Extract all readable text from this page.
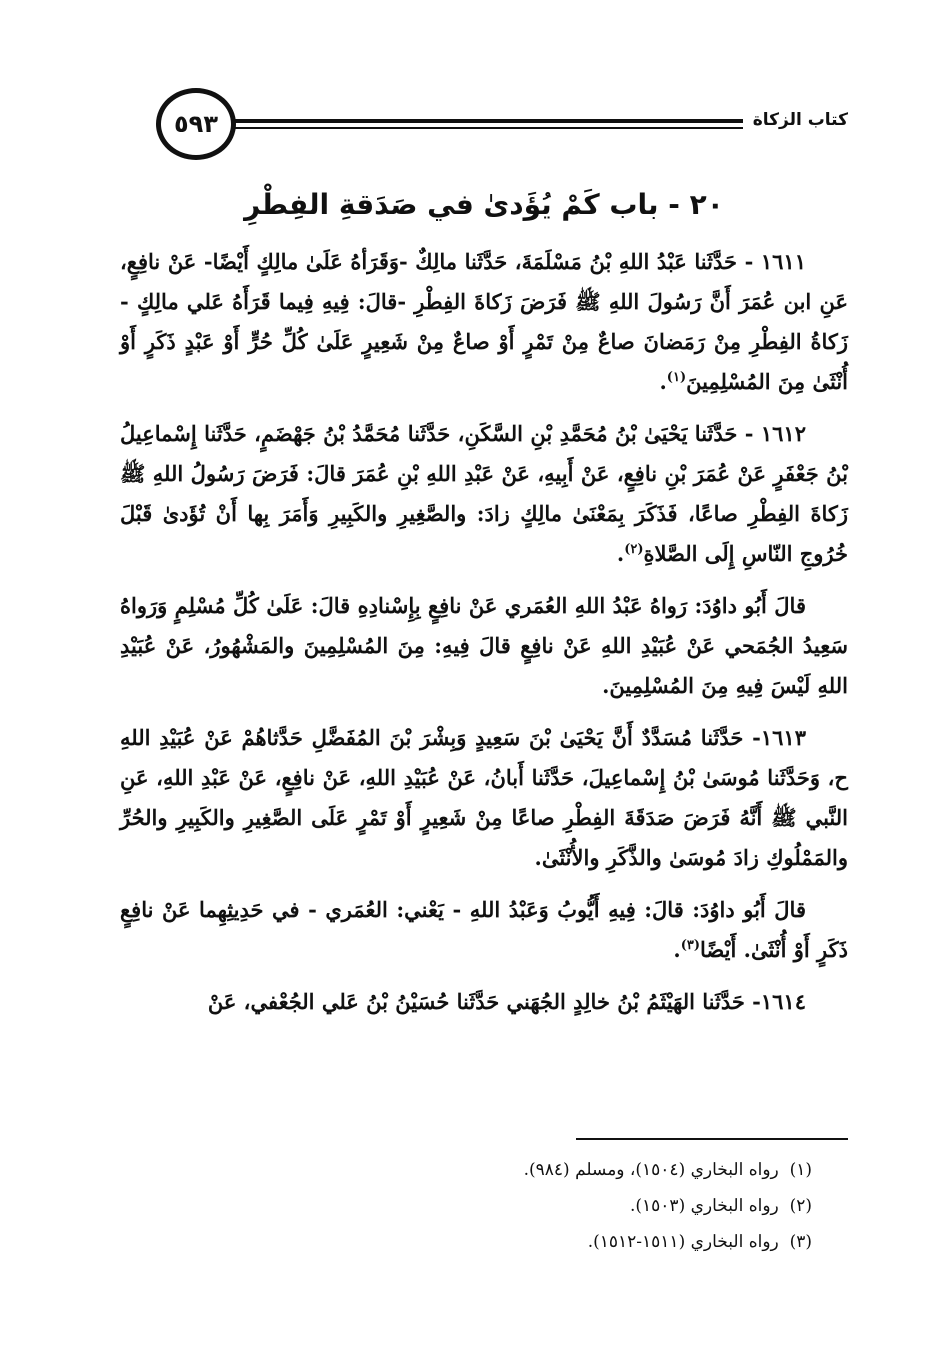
كتاب الزكاة
٥٩٣
٢٠ - باب كَمْ يُؤَدىٰ في صَدَقةِ الفِطْرِ

١٦١١ - حَدَّثَنا عَبْدُ اللهِ بْنُ مَسْلَمَةَ، حَدَّثَنا مالِكٌ -وَقَرَأهُ عَلَىٰ مالِكٍ أَيْضًا- عَنْ نافِعٍ، عَنِ ابن عُمَرَ أَنَّ رَسُولَ اللهِ ﷺ فَرَضَ زَكاةَ الفِطْرِ -قالَ: فِيهِ فِيما قَرَأَهُ عَلي مالِكٍ - زَكاةُ الفِطْرِ مِنْ رَمَضانَ صاعٌ مِنْ تَمْرٍ أَوْ صاعٌ مِنْ شَعِيرٍ عَلَىٰ كُلِّ حُرٍّ أَوْ عَبْدٍ ذَكَرٍ أَوْ أُنْثَىٰ مِنَ المُسْلِمِينَ$^{(١)}$.

١٦١٢ - حَدَّثَنا يَحْيَىٰ بْنُ مُحَمَّدِ بْنِ السَّكَنِ، حَدَّثَنا مُحَمَّدُ بْنُ جَهْضَمٍ، حَدَّثَنا إِسْماعِيلُ بْنُ جَعْفَرٍ عَنْ عُمَرَ بْنِ نافِعٍ، عَنْ أَبِيهِ، عَنْ عَبْدِ اللهِ بْنِ عُمَرَ قالَ: فَرَضَ رَسُولُ اللهِ ﷺ زَكاةَ الفِطْرِ صاعًا، فَذَكَرَ بِمَعْنَىٰ مالِكٍ زادَ: والصَّغِيرِ والكَبِيرِ وَأَمَرَ بِها أَنْ تُؤَدىٰ قَبْلَ خُرُوجِ النّاسِ إِلَى الصَّلاةِ$^{(٢)}$.

قالَ أَبُو داوُدَ: رَواهُ عَبْدُ اللهِ العُمَري عَنْ نافِعٍ بِإِسْنادِهِ قالَ: عَلَىٰ كُلِّ مُسْلِمٍ وَرَواهُ سَعِيدُ الجُمَحي عَنْ عُبَيْدِ اللهِ عَنْ نافِعٍ قالَ فِيهِ: مِنَ المُسْلِمِينَ والمَشْهُورُ، عَنْ عُبَيْدِ اللهِ لَيْسَ فِيهِ مِنَ المُسْلِمِينَ.

١٦١٣- حَدَّثَنا مُسَدَّدٌ أَنَّ يَحْيَىٰ بْنَ سَعِيدٍ وَبِشْرَ بْنَ المُفَضَّلِ حَدَّثاهُمْ عَنْ عُبَيْدِ اللهِ ح، وَحَدَّثَنا مُوسَىٰ بْنُ إِسْماعِيلَ، حَدَّثَنا أَبانُ، عَنْ عُبَيْدِ اللهِ، عَنْ نافِعٍ، عَنْ عَبْدِ اللهِ، عَنِ النَّبي ﷺ أَنَّهُ فَرَضَ صَدَقَةَ الفِطْرِ صاعًا مِنْ شَعِيرٍ أَوْ تَمْرٍ عَلَى الصَّغِيرِ والكَبِيرِ والحُرِّ والمَمْلُوكِ زادَ مُوسَىٰ والذَّكَرِ والأُنْثَىٰ.

قالَ أَبُو داوُدَ: قالَ: فِيهِ أَيُّوبُ وَعَبْدُ اللهِ - يَعْني: العُمَري - في حَدِيثِهِما عَنْ نافِعٍ ذَكَرٍ أَوْ أُنْثَىٰ. أَيْضًا$^{(٣)}$.

١٦١٤- حَدَّثَنا الهَيْثَمُ بْنُ خالِدٍ الجُهَني حَدَّثَنا حُسَيْنُ بْنُ عَلي الجُعْفي، عَنْ

(١)  رواه البخاري (١٥٠٤)، ومسلم (٩٨٤).
(٢)  رواه البخاري (١٥٠٣).
(٣)  رواه البخاري (١٥١١-١٥١٢).
